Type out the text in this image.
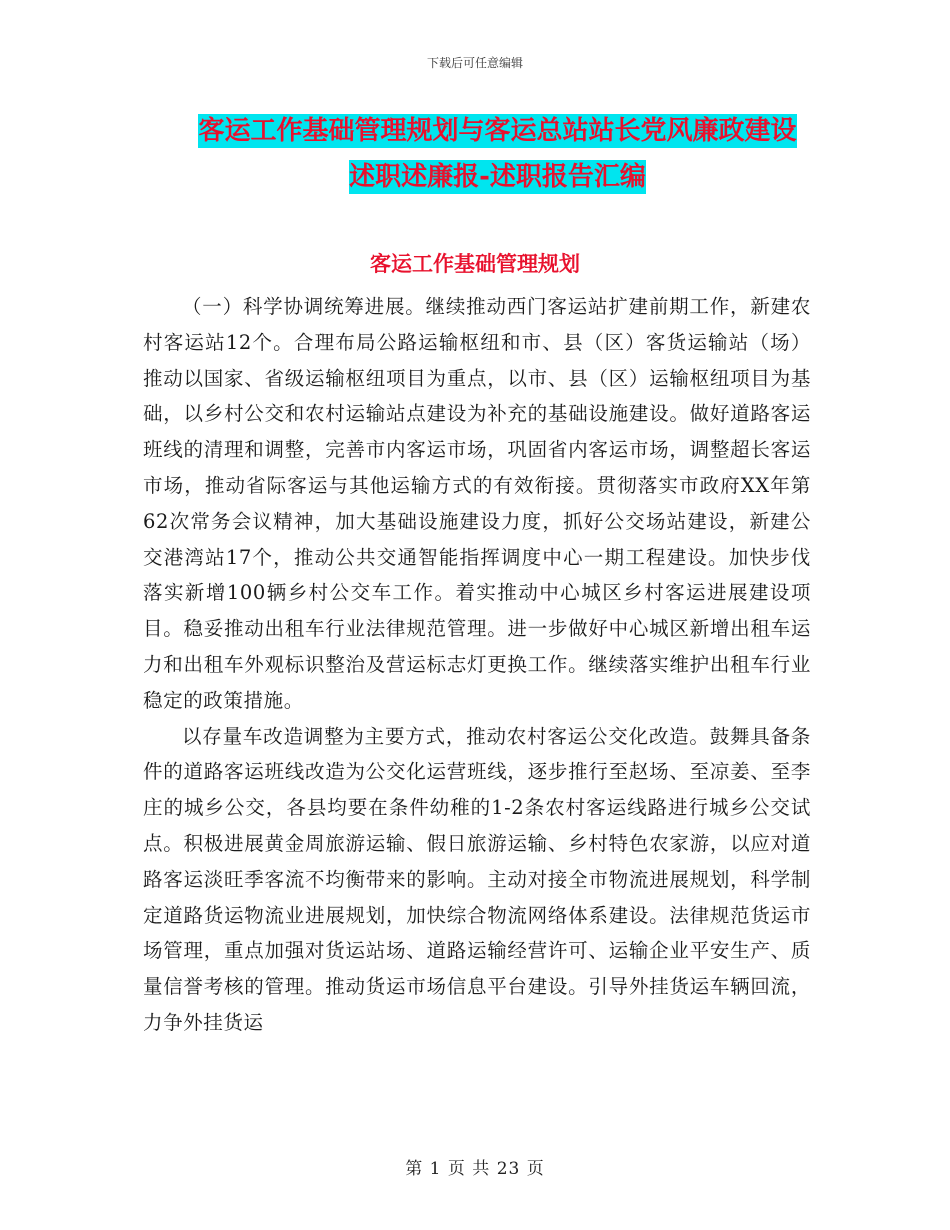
下载后可任意编辑
客运工作基础管理规划与客运总站站长党风廉政建设
述职述廉报-述职报告汇编
客运工作基础管理规划

（一）科学协调统筹进展。继续推动西门客运站扩建前期工作，新建农村客运站12个。合理布局公路运输枢纽和市、县（区）客货运输站（场）推动以国家、省级运输枢纽项目为重点，以市、县（区）运输枢纽项目为基础，以乡村公交和农村运输站点建设为补充的基础设施建设。做好道路客运班线的清理和调整，完善市内客运市场，巩固省内客运市场，调整超长客运市场，推动省际客运与其他运输方式的有效衔接。贯彻落实市政府XX年第62次常务会议精神，加大基础设施建设力度，抓好公交场站建设，新建公交港湾站17个，推动公共交通智能指挥调度中心一期工程建设。加快步伐落实新增100辆乡村公交车工作。着实推动中心城区乡村客运进展建设项目。稳妥推动出租车行业法律规范管理。进一步做好中心城区新增出租车运力和出租车外观标识整治及营运标志灯更换工作。继续落实维护出租车行业稳定的政策措施。

以存量车改造调整为主要方式，推动农村客运公交化改造。鼓舞具备条件的道路客运班线改造为公交化运营班线，逐步推行至赵场、至凉姜、至李庄的城乡公交，各县均要在条件幼稚的1-2条农村客运线路进行城乡公交试点。积极进展黄金周旅游运输、假日旅游运输、乡村特色农家游，以应对道路客运淡旺季客流不均衡带来的影响。主动对接全市物流进展规划，科学制定道路货运物流业进展规划，加快综合物流网络体系建设。法律规范货运市场管理，重点加强对货运站场、道路运输经营许可、运输企业平安生产、质量信誉考核的管理。推动货运市场信息平台建设。引导外挂货运车辆回流，力争外挂货运

第 1 页 共 23 页
